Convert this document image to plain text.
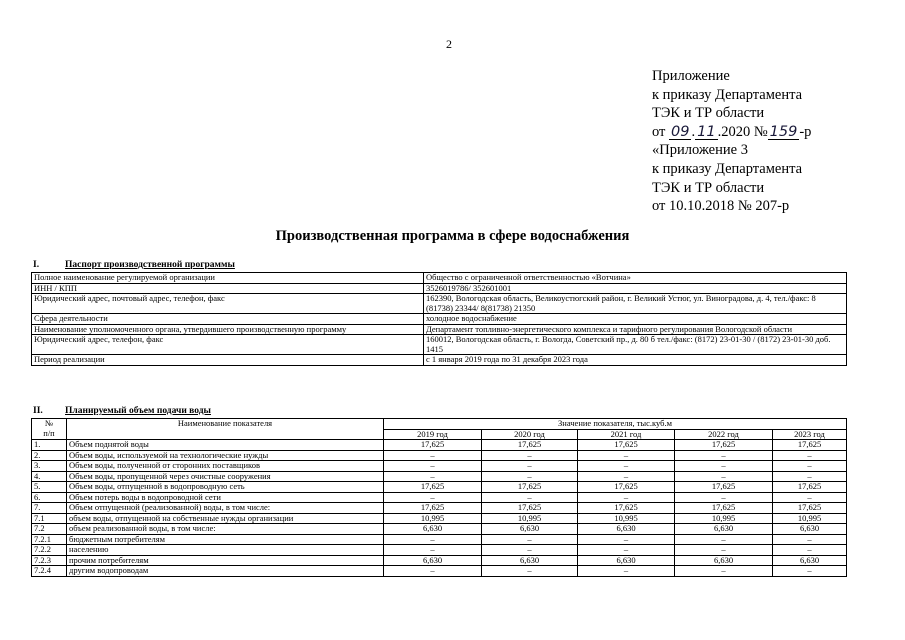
2
Приложение
к приказу Департамента
ТЭК и ТР области
от 09 . 11 .2020 № 159 -р
«Приложение 3
к приказу Департамента
ТЭК и ТР области
от 10.10.2018 № 207-р
Производственная программа в сфере водоснабжения
I.	Паспорт производственной программы
Полное наименование регулируемой организации	Общество с ограниченной ответственностью «Вотчина»
ИНН / КПП	3526019786/ 352601001
Юридический адрес, почтовый адрес, телефон, факс	162390, Вологодская область, Великоустюгский район, г. Великий Устюг, ул. Виноградова, д. 4, тел./факс: 8 (81738) 23344/ 8(81738) 21350
Сфера деятельности	холодное водоснабжение
Наименование уполномоченного органа, утвердившего производственную программу	Департамент топливно-энергетического комплекса и тарифного регулирования Вологодской области
Юридический адрес, телефон, факс	160012, Вологодская область, г. Вологда, Советский пр., д. 80 б тел./факс: (8172) 23-01-30 / (8172) 23-01-30 доб. 1415
Период реализации	с 1 января 2019 года по 31 декабря 2023 года
II. Планируемый объем подачи воды
№
п/п	Наименование показателя	Значение показателя, тыс.куб.м				
		2019 год	2020 год	2021 год	2022 год	2023 год
1.	Объем поднятой воды	17,625	17,625	17,625	17,625	17,625
2.	Объем воды, используемой на технологические нужды	–	–	–	–	–
3.	Объем воды, полученной от сторонних поставщиков	–	–	–	–	–
4.	Объем воды, пропущенной через очистные сооружения	–	–	–	–	–
5.	Объем воды, отпущенной в водопроводную сеть	17,625	17,625	17,625	17,625	17,625
6.	Объем потерь воды в водопроводной сети	–	–	–	–	–
7.	Объем отпущенной (реализованной) воды, в том числе:	17,625	17,625	17,625	17,625	17,625
7.1	объем воды, отпущенной на собственные нужды организации	10,995	10,995	10,995	10,995	10,995
7.2	объем реализованной воды, в том числе:	6,630	6,630	6,630	6,630	6,630
7.2.1	бюджетным потребителям	–	–	–	–	–
7.2.2	населению	–	–	–	–	–
7.2.3	прочим потребителям	6,630	6,630	6,630	6,630	6,630
7.2.4	другим водопроводам	–	–	–	–	–
